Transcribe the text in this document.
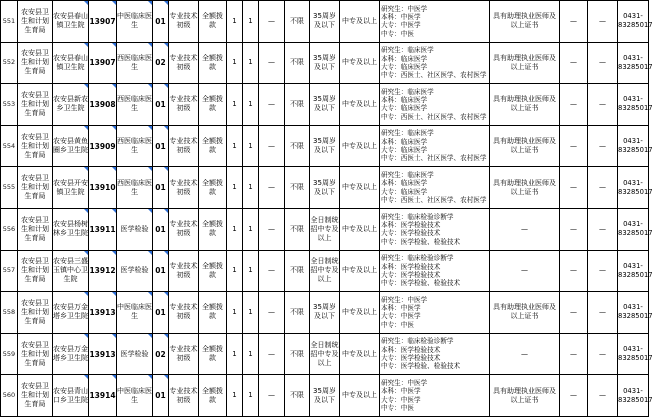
551	农安县卫生和计划生育局	农安县春山镇卫生院	13907	中医临床医生	01	专业技术初级	全额拨款	1	1	—	不限	35周岁及以下	中专及以上	研究生：中医学
本科：中医学
大专：中医学
中专：中医	具有助理执业医师及以上证书	—	—	0431-83285017
552	农安县卫生和计划生育局	农安县春山镇卫生院	13907	西医临床医生	02	专业技术初级	全额拨款	1	1	—	不限	35周岁及以下	中专及以上	研究生：临床医学
本科：临床医学
大专：临床医学
中专：西医士、社区医学、农村医学	具有助理执业医师及以上证书	—	—	0431-83285017
553	农安县卫生和计划生育局	农安县新农乡卫生院	13908	西医临床医生	01	专业技术初级	全额拨款	1	1	—	不限	35周岁及以下	中专及以上	研究生：临床医学
本科：临床医学
大专：临床医学
中专：西医士、社区医学、农村医学	具有助理执业医师及以上证书	—	—	0431-83285017
554	农安县卫生和计划生育局	农安县黄鱼圈乡卫生院	13909	西医临床医生	01	专业技术初级	全额拨款	1	1	—	不限	35周岁及以下	中专及以上	研究生：临床医学
本科：临床医学
大专：临床医学
中专：西医士、社区医学、农村医学	具有助理执业医师及以上证书	—	—	0431-83285017
555	农安县卫生和计划生育局	农安县开安镇卫生院	13910	西医临床医生	01	专业技术初级	全额拨款	1	1	—	不限	35周岁及以下	中专及以上	研究生：临床医学
本科：临床医学
大专：临床医学
中专：西医士、社区医学、农村医学	具有助理执业医师及以上证书	—	—	0431-83285017
556	农安县卫生和计划生育局	农安县杨树林乡卫生院	13911	医学检验	01	专业技术初级	全额拨款	1	1	—	不限	全日制统招中专及以上	中专及以上	研究生：临床检验诊断学
本科：医学检验技术
大专：医学检验技术
中专：医学检验、检验技术	—	—	—	0431-83285017
557	农安县卫生和计划生育局	农安县三盛玉镇中心卫生院	13912	医学检验	01	专业技术初级	全额拨款	1	1	—	不限	全日制统招中专及以上	中专及以上	研究生：临床检验诊断学
本科：医学检验技术
大专：医学检验技术
中专：医学检验、检验技术	—	—	—	0431-83285017
558	农安县卫生和计划生育局	农安县万金塔乡卫生院	13913	中医临床医生	01	专业技术初级	全额拨款	1	1	—	不限	35周岁及以下	中专及以上	研究生：中医学
本科：中医学
大专：中医学
中专：中医	具有助理执业医师及以上证书	—	—	0431-83285017
559	农安县卫生和计划生育局	农安县万金塔乡卫生院	13913	医学检验	02	专业技术初级	全额拨款	1	1	—	不限	全日制统招中专及以上	中专及以上	研究生：临床检验诊断学
本科：医学检验技术
大专：医学检验技术
中专：医学检验、检验技术	—	—	—	0431-83285017
560	农安县卫生和计划生育局	农安县青山口乡卫生院	13914	中医临床医生	01	专业技术初级	全额拨款	1	1	—	不限	35周岁及以下	中专及以上	研究生：中医学
本科：中医学
大专：中医学
中专：中医	具有助理执业医师及以上证书	—	—	0431-83285017
